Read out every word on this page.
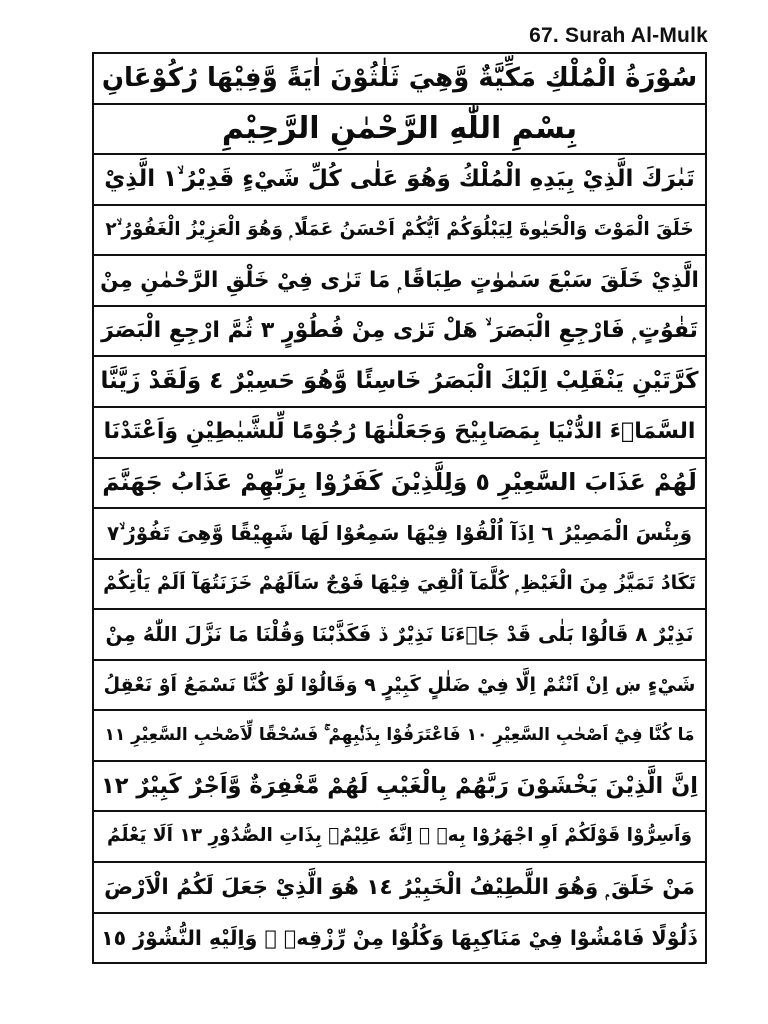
67. Surah Al-Mulk
سُوْرَةُ الْمُلْكِ مَكِّيَّةٌ وَّهِيَ ثَلٰثُوْنَ اٰيَةً وَّفِيْهَا رُكُوْعَانِ
بِسْمِ اللّٰهِ الرَّحْمٰنِ الرَّحِيْمِ
تَبٰرَكَ الَّذِيْ بِيَدِهِ الْمُلْكُ وَهُوَ عَلٰى كُلِّ شَيْءٍ قَدِيْرُ ۙ١ الَّذِيْ
خَلَقَ الْمَوْتَ وَالْحَيٰوةَ لِيَبْلُوَكُمْ اَيُّكُمْ اَحْسَنُ عَمَلًا ۭ وَهُوَ الْعَزِيْزُ الْغَفُوْرُ ۙ٢
الَّذِيْ خَلَقَ سَبْعَ سَمٰوٰتٍ طِبَاقًا ۭ مَا تَرٰى فِيْ خَلْقِ الرَّحْمٰنِ مِنْ
تَفٰوُتٍ ۭ فَارْجِعِ الْبَصَرَ ۙ هَلْ تَرٰى مِنْ فُطُوْرٍ ٣ ثُمَّ ارْجِعِ الْبَصَرَ
كَرَّتَيْنِ يَنْقَلِبْ اِلَيْكَ الْبَصَرُ خَاسِئًا وَّهُوَ حَسِيْرٌ ٤ وَلَقَدْ زَيَّنَّا
السَّمَاۗءَ الدُّنْيَا بِمَصَابِيْحَ وَجَعَلْنٰهَا رُجُوْمًا لِّلشَّيٰطِيْنِ وَاَعْتَدْنَا
لَهُمْ عَذَابَ السَّعِيْرِ ٥ وَلِلَّذِيْنَ كَفَرُوْا بِرَبِّهِمْ عَذَابُ جَهَنَّمَ
وَبِئْسَ الْمَصِيْرُ ٦ اِذَآ اُلْقُوْا فِيْهَا سَمِعُوْا لَهَا شَهِيْقًا وَّهِىَ تَفُوْرُ ۙ٧
تَكَادُ تَمَيَّزُ مِنَ الْغَيْظِ ۭ كُلَّمَآ اُلْقِيَ فِيْهَا فَوْجٌ سَاَلَهُمْ خَزَنَتُهَآ اَلَمْ يَاْتِكُمْ
نَذِيْرٌ ٨ قَالُوْا بَلٰى قَدْ جَاۗءَنَا نَذِيْرٌ ڏ فَكَذَّبْنَا وَقُلْنَا مَا نَزَّلَ اللّٰهُ مِنْ
شَيْءٍ ښ اِنْ اَنْتُمْ اِلَّا فِيْ ضَلٰلٍ كَبِيْرٍ ٩ وَقَالُوْا لَوْ كُنَّا نَسْمَعُ اَوْ نَعْقِلُ
مَا كُنَّا فِيْٓ اَصْحٰبِ السَّعِيْرِ ١٠ فَاعْتَرَفُوْا بِذَنْۢبِهِمْ ۚ فَسُحْقًا لِّاَصْحٰبِ السَّعِيْرِ ١١
اِنَّ الَّذِيْنَ يَخْشَوْنَ رَبَّهُمْ بِالْغَيْبِ لَهُمْ مَّغْفِرَةٌ وَّاَجْرٌ كَبِيْرٌ ١٢
وَاَسِرُّوْا قَوْلَكُمْ اَوِ اجْهَرُوْا بِهٖ ۭ اِنَّهٗ عَلِيْمٌۢ بِذَاتِ الصُّدُوْرِ ١٣ اَلَا يَعْلَمُ
مَنْ خَلَقَ ۭ وَهُوَ اللَّطِيْفُ الْخَبِيْرُ ١٤ هُوَ الَّذِيْ جَعَلَ لَكُمُ الْاَرْضَ
ذَلُوْلًا فَامْشُوْا فِيْ مَنَاكِبِهَا وَكُلُوْا مِنْ رِّزْقِهٖ ۭ وَاِلَيْهِ النُّشُوْرُ ١٥
